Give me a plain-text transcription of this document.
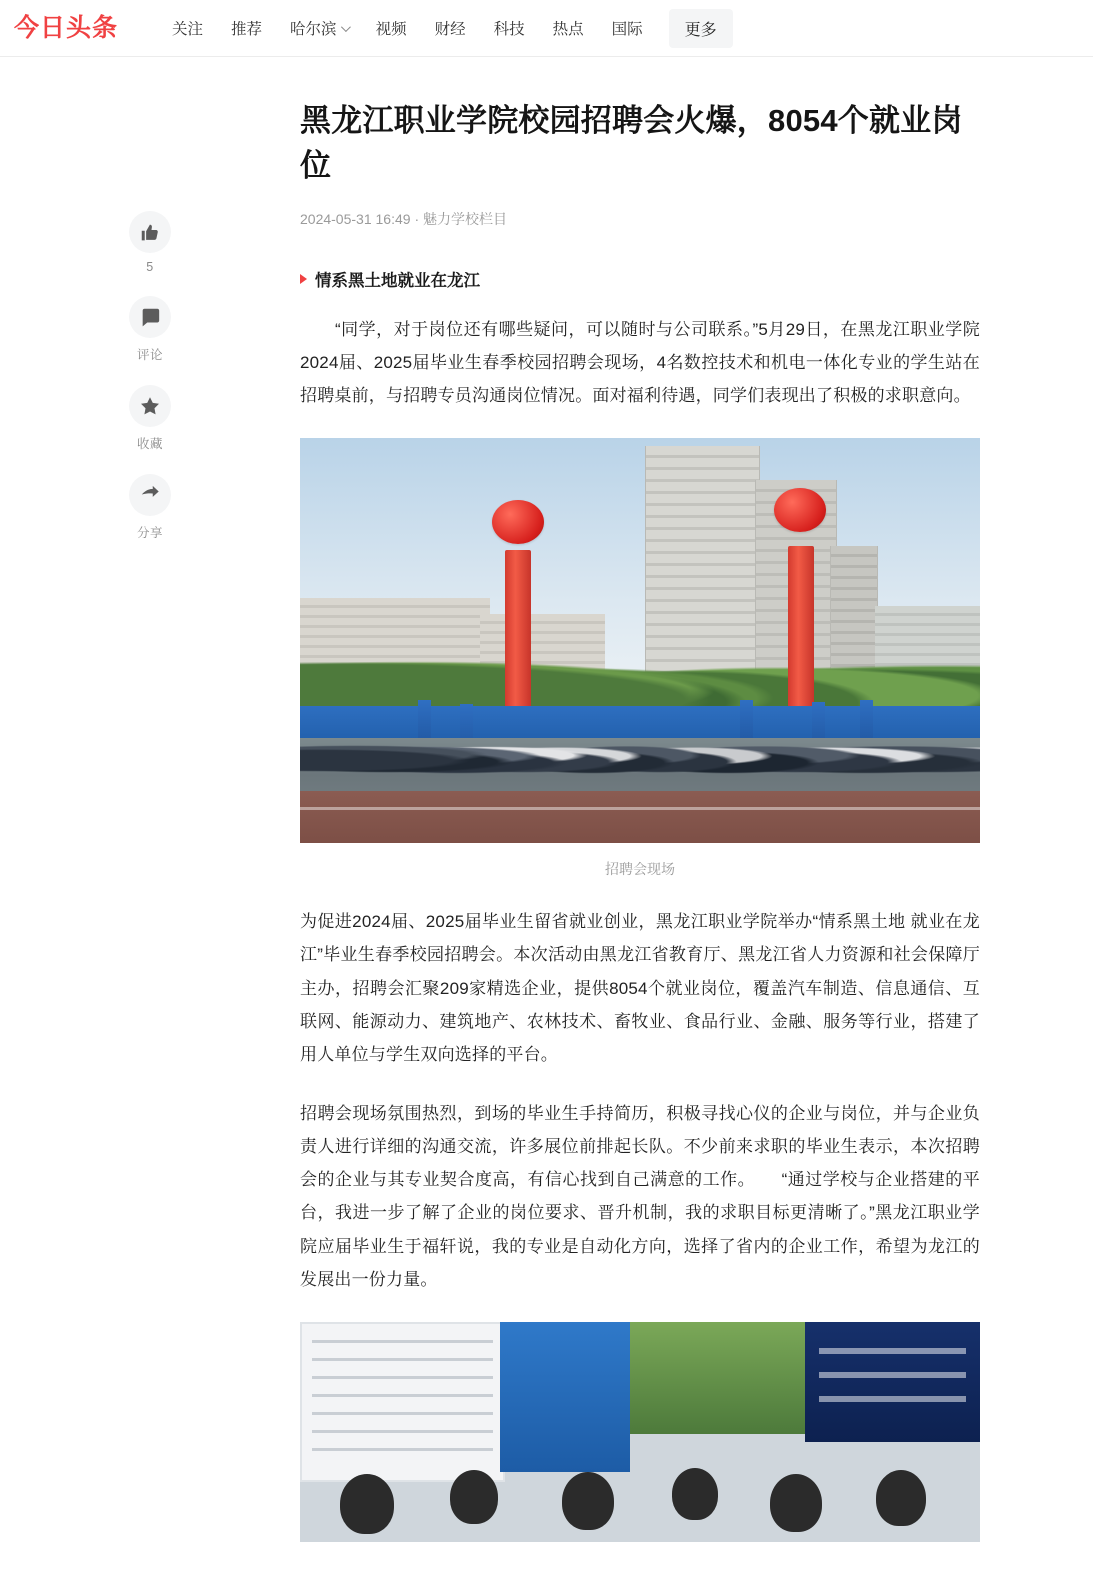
今日头条	关注 推荐 哈尔滨	视频 财经 科技 热点 国际	更多
5
评论
收藏
分享
黑龙江职业学院校园招聘会火爆，8054个就业岗位
2024-05-31 16:49 · 魅力学校栏目
情系黑土地就业在龙江

　　“同学，对于岗位还有哪些疑问，可以随时与公司联系。”5月29日，在黑龙江职业学院2024届、2025届毕业生春季校园招聘会现场，4名数控技术和机电一体化专业的学生站在招聘桌前，与招聘专员沟通岗位情况。面对福利待遇，同学们表现出了积极的求职意向。

招聘会现场

为促进2024届、2025届毕业生留省就业创业，黑龙江职业学院举办“情系黑土地 就业在龙江”毕业生春季校园招聘会。本次活动由黑龙江省教育厅、黑龙江省人力资源和社会保障厅主办，招聘会汇聚209家精选企业，提供8054个就业岗位，覆盖汽车制造、信息通信、互联网、能源动力、建筑地产、农林技术、畜牧业、食品行业、金融、服务等行业，搭建了用人单位与学生双向选择的平台。

招聘会现场氛围热烈，到场的毕业生手持简历，积极寻找心仪的企业与岗位，并与企业负责人进行详细的沟通交流，许多展位前排起长队。不少前来求职的毕业生表示，本次招聘会的企业与其专业契合度高，有信心找到自己满意的工作。　　“通过学校与企业搭建的平台，我进一步了解了企业的岗位要求、晋升机制，我的求职目标更清晰了。”黑龙江职业学院应届毕业生于福轩说，我的专业是自动化方向，选择了省内的企业工作，希望为龙江的发展出一份力量。
